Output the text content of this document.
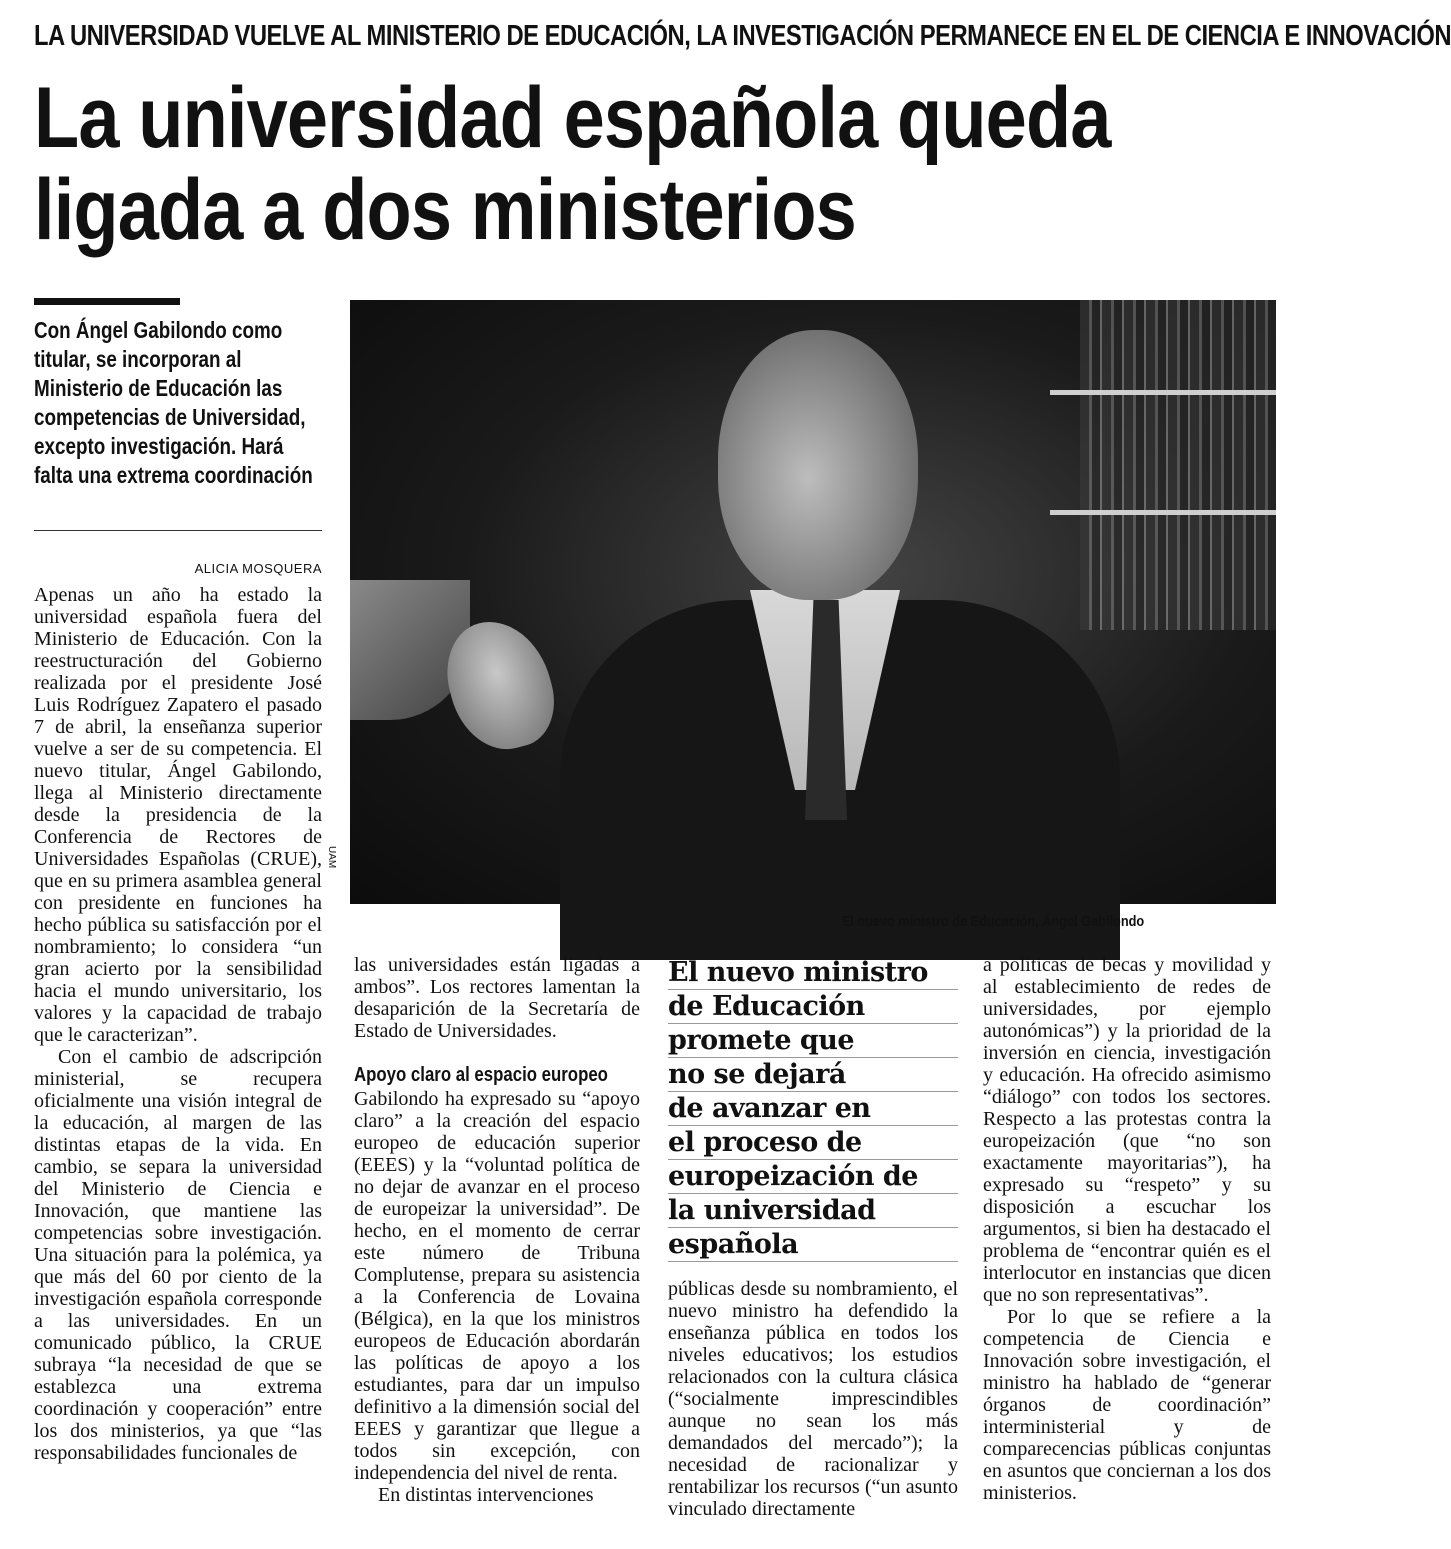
LA UNIVERSIDAD VUELVE AL MINISTERIO DE EDUCACIÓN, LA INVESTIGACIÓN PERMANECE EN EL DE CIENCIA E INNOVACIÓN
La universidad española queda
ligada a dos ministerios
Con Ángel Gabilondo como titular, se incorporan al Ministerio de Educación las competencias de Universidad, excepto investigación. Hará falta una extrema coordinación
ALICIA MOSQUERA
UAM
El nuevo ministro de Educación, Ángel Gabilondo

Apenas un año ha estado la universidad española fuera del Ministerio de Educación. Con la reestructuración del Gobierno realizada por el presidente José Luis Rodríguez Zapatero el pasado 7 de abril, la enseñanza superior vuelve a ser de su competencia. El nuevo titular, Ángel Gabilondo, llega al Ministerio directamente desde la presidencia de la Conferencia de Rectores de Universidades Españolas (CRUE), que en su primera asamblea general con presidente en funciones ha hecho pública su satisfacción por el nombramiento; lo considera “un gran acierto por la sensibilidad hacia el mundo universitario, los valores y la capacidad de trabajo que le caracterizan”.

Con el cambio de adscripción ministerial, se recupera oficialmente una visión integral de la educación, al margen de las distintas etapas de la vida. En cambio, se separa la universidad del Ministerio de Ciencia e Innovación, que mantiene las competencias sobre investigación. Una situación para la polémica, ya que más del 60 por ciento de la investigación española corresponde a las universidades. En un comunicado público, la CRUE subraya “la necesidad de que se establezca una extrema coordinación y cooperación” entre los dos ministerios, ya que “las responsabilidades funcionales de

las universidades están ligadas a ambos”. Los rectores lamentan la desaparición de la Secretaría de Estado de Universidades.

Apoyo claro al espacio europeo

Gabilondo ha expresado su “apoyo claro” a la creación del espacio europeo de educación superior (EEES) y la “voluntad política de no dejar de avanzar en el proceso de europeizar la universidad”. De hecho, en el momento de cerrar este número de Tribuna Complutense, prepara su asistencia a la Conferencia de Lovaina (Bélgica), en la que los ministros europeos de Educación abordarán las políticas de apoyo a los estudiantes, para dar un impulso definitivo a la dimensión social del EEES y garantizar que llegue a todos sin excepción, con independencia del nivel de renta.

En distintas intervenciones

El nuevo ministro
de Educación
promete que
no se dejará
de avanzar en
el proceso de
europeización de
la universidad
española

públicas desde su nombramiento, el nuevo ministro ha defendido la enseñanza pública en todos los niveles educativos; los estudios relacionados con la cultura clásica (“socialmente imprescindibles aunque no sean los más demandados del mercado”); la necesidad de racionalizar y rentabilizar los recursos (“un asunto vinculado directamente

a políticas de becas y movilidad y al establecimiento de redes de universidades, por ejemplo autonómicas”) y la prioridad de la inversión en ciencia, investigación y educación. Ha ofrecido asimismo “diálogo” con todos los sectores. Respecto a las protestas contra la europeización (que “no son exactamente mayoritarias”), ha expresado su “respeto” y su disposición a escuchar los argumentos, si bien ha destacado el problema de “encontrar quién es el interlocutor en instancias que dicen que no son representativas”.

Por lo que se refiere a la competencia de Ciencia e Innovación sobre investigación, el ministro ha hablado de “generar órganos de coordinación” interministerial y de comparecencias públicas conjuntas en asuntos que conciernan a los dos ministerios.
